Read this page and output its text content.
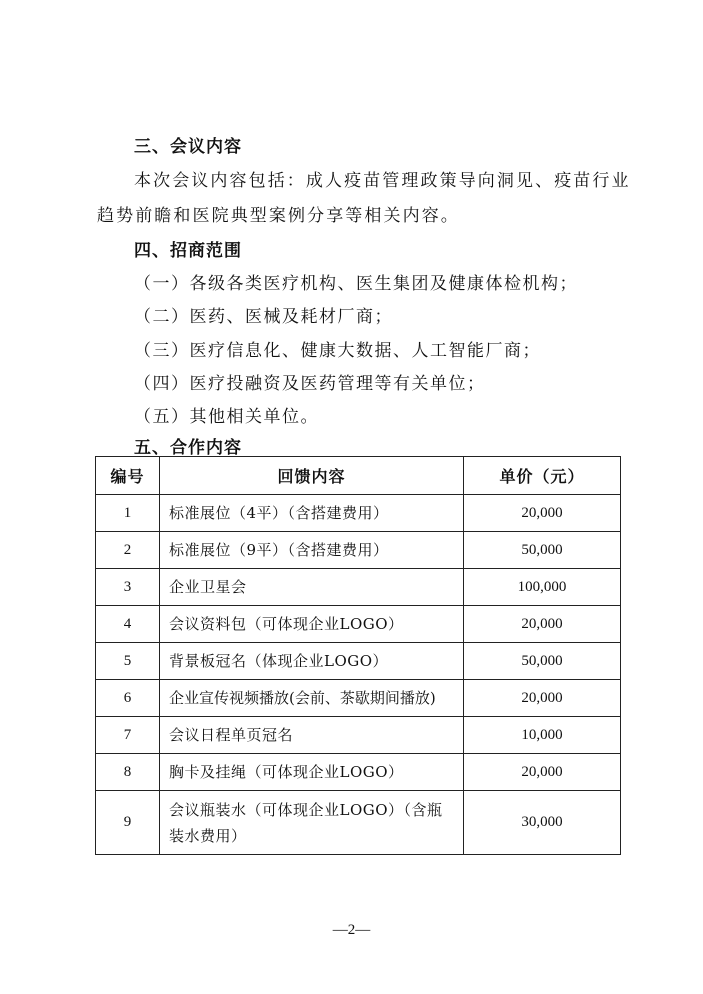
三、会议内容
本次会议内容包括：成人疫苗管理政策导向洞见、疫苗行业
趋势前瞻和医院典型案例分享等相关内容。
四、招商范围
（一）各级各类医疗机构、医生集团及健康体检机构；
（二）医药、医械及耗材厂商；
（三）医疗信息化、健康大数据、人工智能厂商；
（四）医疗投融资及医药管理等有关单位；
（五）其他相关单位。
五、合作内容
编号	回馈内容	单价（元）
1	标准展位（4平）（含搭建费用）	20,000
2	标准展位（9平）（含搭建费用）	50,000
3	企业卫星会	100,000
4	会议资料包（可体现企业LOGO）	20,000
5	背景板冠名（体现企业LOGO）	50,000
6	企业宣传视频播放(会前、茶歇期间播放)	20,000
7	会议日程单页冠名	10,000
8	胸卡及挂绳（可体现企业LOGO）	20,000
9	会议瓶装水（可体现企业LOGO）（含瓶
装水费用）	30,000
—2—
